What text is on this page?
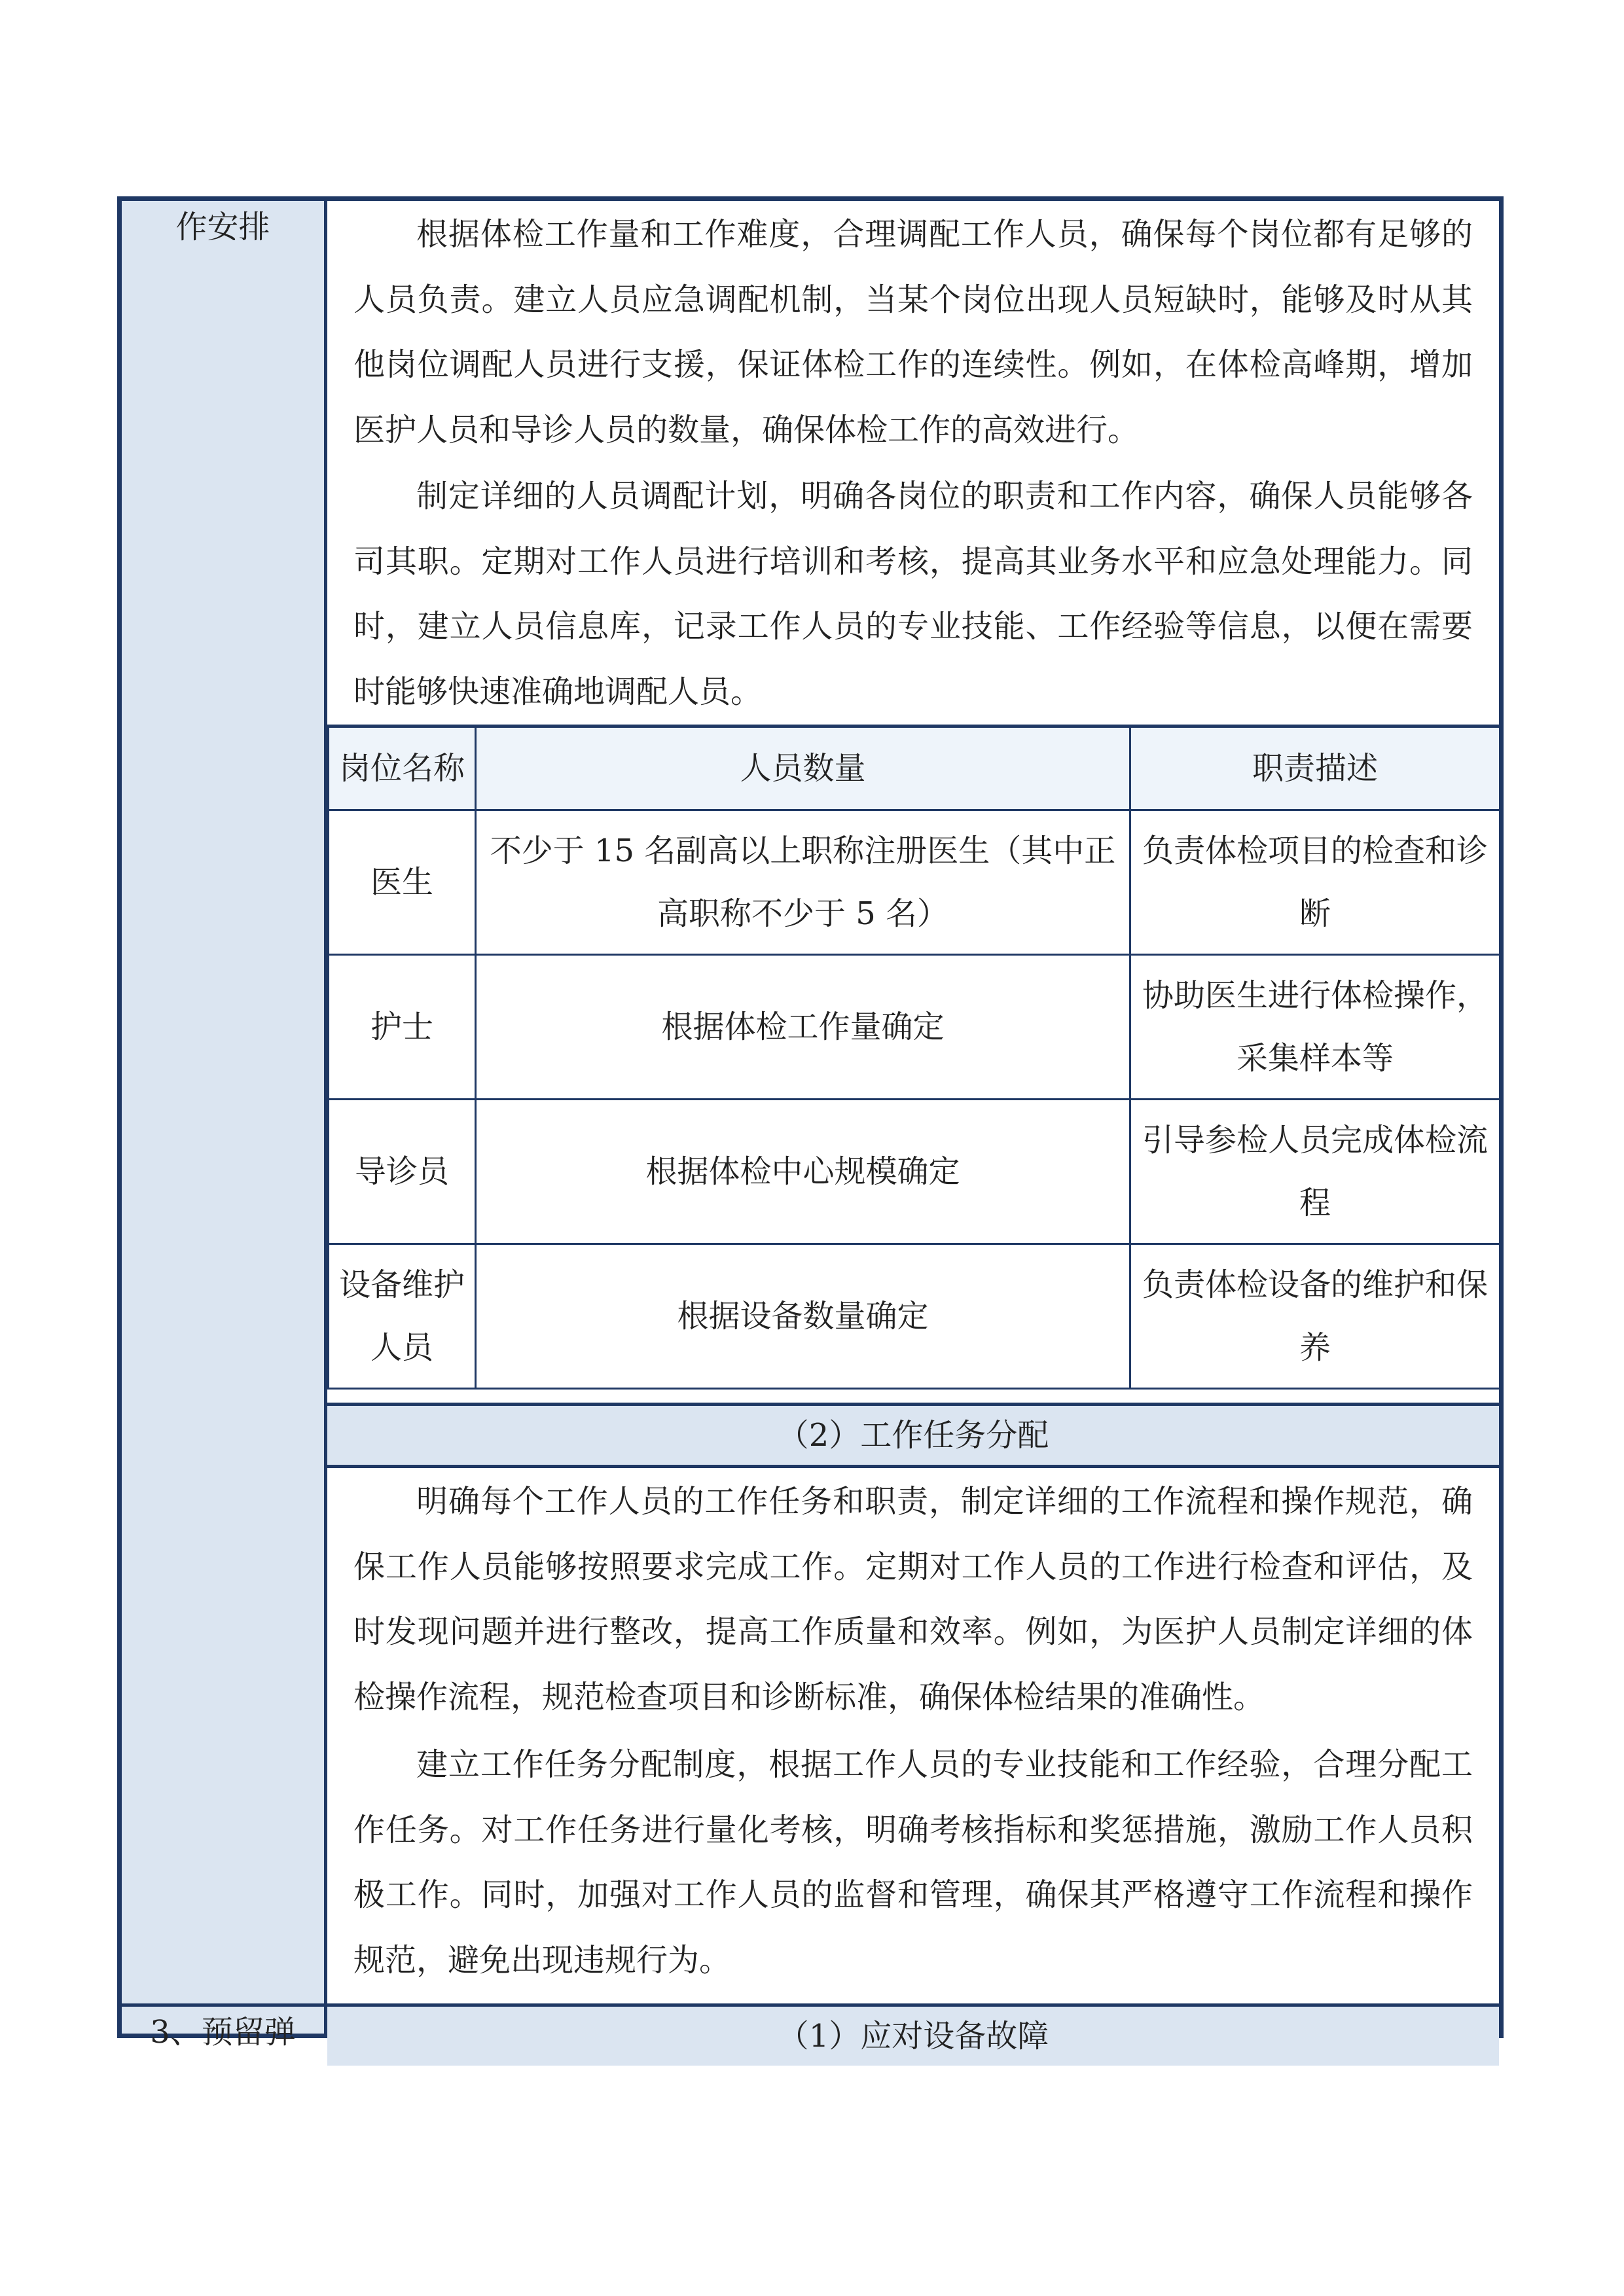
作安排
3、预留弹

根据体检工作量和工作难度，合理调配工作人员，确保每个岗位都有足够的人员负责。建立人员应急调配机制，当某个岗位出现人员短缺时，能够及时从其他岗位调配人员进行支援，保证体检工作的连续性。例如，在体检高峰期，增加医护人员和导诊人员的数量，确保体检工作的高效进行。

制定详细的人员调配计划，明确各岗位的职责和工作内容，确保人员能够各司其职。定期对工作人员进行培训和考核，提高其业务水平和应急处理能力。同时，建立人员信息库，记录工作人员的专业技能、工作经验等信息，以便在需要时能够快速准确地调配人员。

岗位名称	人员数量	职责描述
医生	不少于 15 名副高以上职称注册医生（其中正高职称不少于 5 名）	负责体检项目的检查和诊断
护士	根据体检工作量确定	协助医生进行体检操作，采集样本等
导诊员	根据体检中心规模确定	引导参检人员完成体检流程
设备维护人员	根据设备数量确定	负责体检设备的维护和保养
（2）工作任务分配

明确每个工作人员的工作任务和职责，制定详细的工作流程和操作规范，确保工作人员能够按照要求完成工作。定期对工作人员的工作进行检查和评估，及时发现问题并进行整改，提高工作质量和效率。例如，为医护人员制定详细的体检操作流程，规范检查项目和诊断标准，确保体检结果的准确性。

建立工作任务分配制度，根据工作人员的专业技能和工作经验，合理分配工作任务。对工作任务进行量化考核，明确考核指标和奖惩措施，激励工作人员积极工作。同时，加强对工作人员的监督和管理，确保其严格遵守工作流程和操作规范，避免出现违规行为。

（1）应对设备故障
